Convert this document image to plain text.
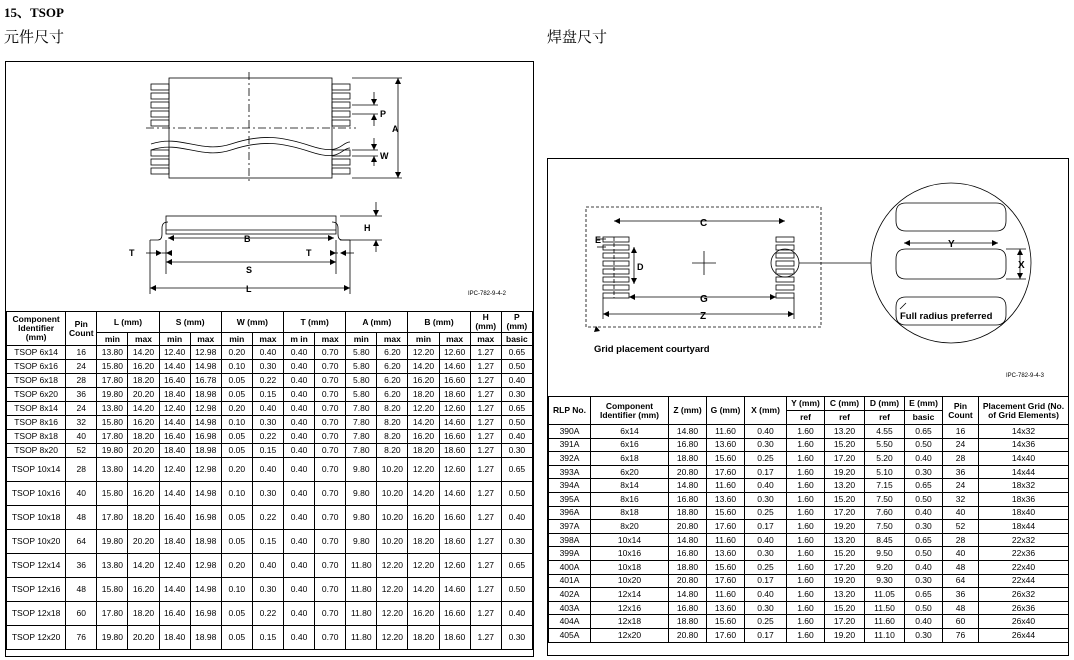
15、TSOP
元件尺寸	焊盘尺寸
P
A
W
H
B
T	T
S
L	IPC-782-9-4-2
Component Identifier (mm)	Pin Count	L (mm)		S (mm)		W (mm)		T (mm)		A (mm)		B (mm)		H (mm)	P (mm)
		min	max	min	max	min	max	m in	max	min	max	min	max	max	basic
TSOP 6x14	16	13.80	14.20	12.40	12.98	0.20	0.40	0.40	0.70	5.80	6.20	12.20	12.60	1.27	0.65
TSOP 6x16	24	15.80	16.20	14.40	14.98	0.10	0.30	0.40	0.70	5.80	6.20	14.20	14.60	1.27	0.50
TSOP 6x18	28	17.80	18.20	16.40	16.78	0.05	0.22	0.40	0.70	5.80	6.20	16.20	16.60	1.27	0.40
TSOP 6x20	36	19.80	20.20	18.40	18.98	0.05	0.15	0.40	0.70	5.80	6.20	18.20	18.60	1.27	0.30
TSOP 8x14	24	13.80	14.20	12.40	12.98	0.20	0.40	0.40	0.70	7.80	8.20	12.20	12.60	1.27	0.65
TSOP 8x16	32	15.80	16.20	14.40	14.98	0.10	0.30	0.40	0.70	7.80	8.20	14.20	14.60	1.27	0.50
TSOP 8x18	40	17.80	18.20	16.40	16.98	0.05	0.22	0.40	0.70	7.80	8.20	16.20	16.60	1.27	0.40
TSOP 8x20	52	19.80	20.20	18.40	18.98	0.05	0.15	0.40	0.70	7.80	8.20	18.20	18.60	1.27	0.30
TSOP 10x14	28	13.80	14.20	12.40	12.98	0.20	0.40	0.40	0.70	9.80	10.20	12.20	12.60	1.27	0.65
TSOP 10x16	40	15.80	16.20	14.40	14.98	0.10	0.30	0.40	0.70	9.80	10.20	14.20	14.60	1.27	0.50
TSOP 10x18	48	17.80	18.20	16.40	16.98	0.05	0.22	0.40	0.70	9.80	10.20	16.20	16.60	1.27	0.40
TSOP 10x20	64	19.80	20.20	18.40	18.98	0.05	0.15	0.40	0.70	9.80	10.20	18.20	18.60	1.27	0.30
TSOP 12x14	36	13.80	14.20	12.40	12.98	0.20	0.40	0.40	0.70	11.80	12.20	12.20	12.60	1.27	0.65
TSOP 12x16	48	15.80	16.20	14.40	14.98	0.10	0.30	0.40	0.70	11.80	12.20	14.20	14.60	1.27	0.50
TSOP 12x18	60	17.80	18.20	16.40	16.98	0.05	0.22	0.40	0.70	11.80	12.20	16.20	16.60	1.27	0.40
TSOP 12x20	76	19.80	20.20	18.40	18.98	0.05	0.15	0.40	0.70	11.80	12.20	18.20	18.60	1.27	0.30
C
E
D
G
Z
Y
X
Full radius preferred
Grid placement courtyard
IPC-782-9-4-3
RLP No.	Component Identifier (mm)	Z (mm)	G (mm)	X (mm)	Y (mm)	C (mm)	D (mm)	E (mm)	Pin Count	Placement Grid (No. of Grid Elements)
					ref	ref	ref	basic		
390A	6x14	14.80	11.60	0.40	1.60	13.20	4.55	0.65	16	14x32
391A	6x16	16.80	13.60	0.30	1.60	15.20	5.50	0.50	24	14x36
392A	6x18	18.80	15.60	0.25	1.60	17.20	5.20	0.40	28	14x40
393A	6x20	20.80	17.60	0.17	1.60	19.20	5.10	0.30	36	14x44
394A	8x14	14.80	11.60	0.40	1.60	13.20	7.15	0.65	24	18x32
395A	8x16	16.80	13.60	0.30	1.60	15.20	7.50	0.50	32	18x36
396A	8x18	18.80	15.60	0.25	1.60	17.20	7.60	0.40	40	18x40
397A	8x20	20.80	17.60	0.17	1.60	19.20	7.50	0.30	52	18x44
398A	10x14	14.80	11.60	0.40	1.60	13.20	8.45	0.65	28	22x32
399A	10x16	16.80	13.60	0.30	1.60	15.20	9.50	0.50	40	22x36
400A	10x18	18.80	15.60	0.25	1.60	17.20	9.20	0.40	48	22x40
401A	10x20	20.80	17.60	0.17	1.60	19.20	9.30	0.30	64	22x44
402A	12x14	14.80	11.60	0.40	1.60	13.20	11.05	0.65	36	26x32
403A	12x16	16.80	13.60	0.30	1.60	15.20	11.50	0.50	48	26x36
404A	12x18	18.80	15.60	0.25	1.60	17.20	11.60	0.40	60	26x40
405A	12x20	20.80	17.60	0.17	1.60	19.20	11.10	0.30	76	26x44
